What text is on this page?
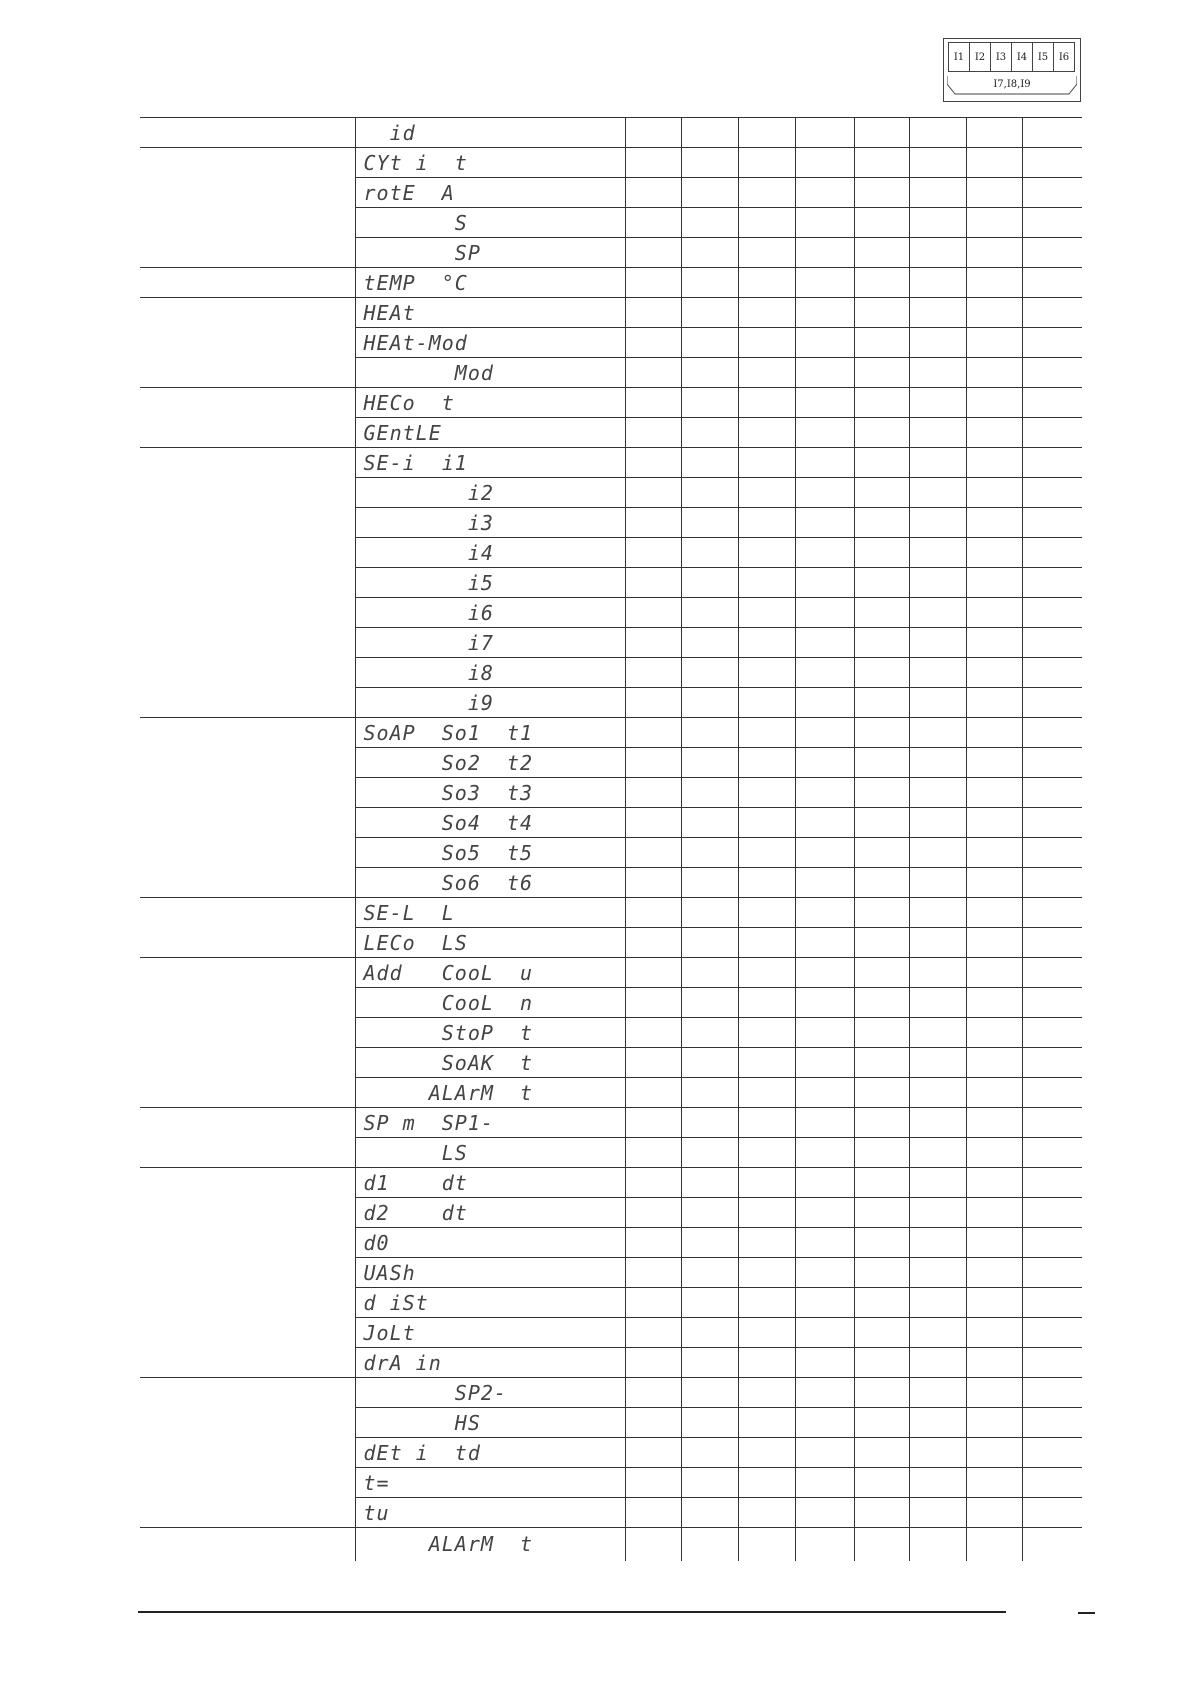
I1	I2	I3	I4	I5	I6
I7,I8,I9
	id								
	CYt i  t								
	rotE  A								
	S								
	SP								
	tEMP  °C								
	HEAt								
	HEAt-Mod								
	Mod								
	HECo  t								
	GEntLE								
	SE-i  i1								
	i2								
	i3								
	i4								
	i5								
	i6								
	i7								
	i8								
	i9								
	SoAP  So1  t1								
	So2  t2								
	So3  t3								
	So4  t4								
	So5  t5								
	So6  t6								
	SE-L  L								
	LECo  LS								
	Add   CooL  u								
	CooL  n								
	StoP  t								
	SoAK  t								
	ALArM  t								
	SP m  SP1-								
	LS								
	d1    dt								
	d2    dt								
	d0								
	UASh								
	d iSt								
	JoLt								
	drA in								
	SP2-								
	HS								
	dEt i  td								
	t=								
	tu								
	ALArM  t								
